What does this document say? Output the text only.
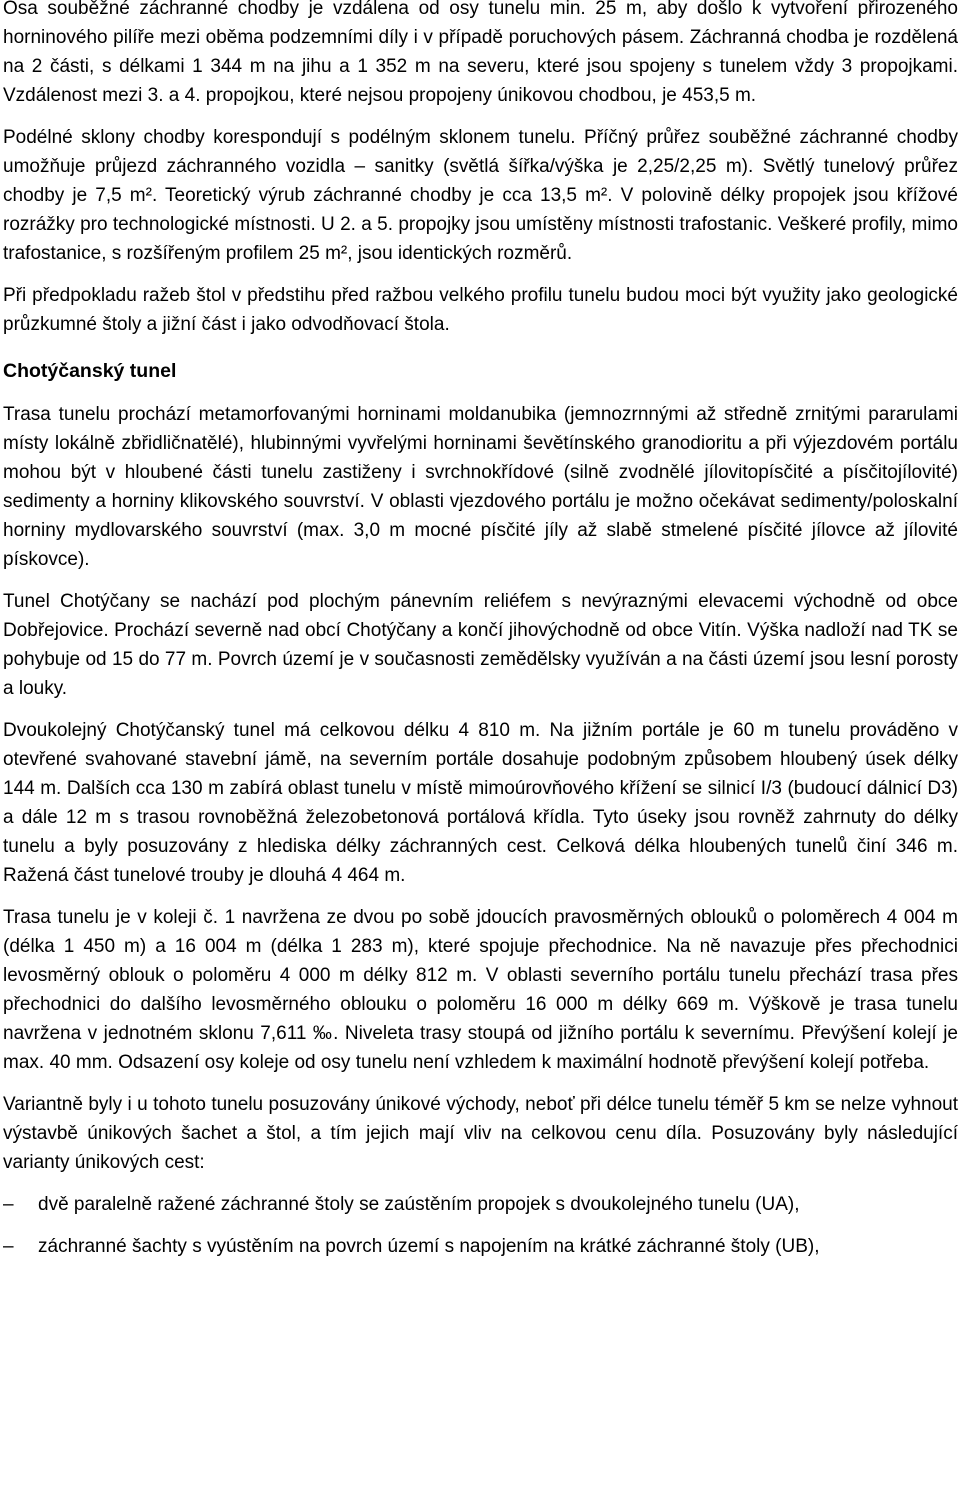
Osa souběžné záchranné chodby je vzdálena od osy tunelu min. 25 m, aby došlo k vytvoření přirozeného horninového pilíře mezi oběma podzemními díly i v případě poruchových pásem. Záchranná chodba je rozdělená na 2 části, s délkami 1 344 m na jihu a 1 352 m na severu, které jsou spojeny s tunelem vždy 3 propojkami. Vzdálenost mezi 3. a 4. propojkou, které nejsou propojeny únikovou chodbou, je 453,5 m.

Podélné sklony chodby korespondují s podélným sklonem tunelu. Příčný průřez souběžné záchranné chodby umožňuje průjezd záchranného vozidla – sanitky (světlá šířka/výška je 2,25/2,25 m). Světlý tunelový průřez chodby je 7,5 m². Teoretický výrub záchranné chodby je cca 13,5 m². V polovině délky propojek jsou křížové rozrážky pro technologické místnosti. U 2. a 5. propojky jsou umístěny místnosti trafostanic. Veškeré profily, mimo trafostanice, s rozšířeným profilem 25 m², jsou identických rozměrů.

Při předpokladu ražeb štol v předstihu před ražbou velkého profilu tunelu budou moci být využity jako geologické průzkumné štoly a jižní část i jako odvodňovací štola.

Chotýčanský tunel

Trasa tunelu prochází metamorfovanými horninami moldanubika (jemnozrnnými až středně zrnitými pararulami místy lokálně zbřidličnatělé), hlubinnými vyvřelými horninami ševětínského granodioritu a při výjezdovém portálu mohou být v hloubené části tunelu zastiženy i svrchnokřídové (silně zvodnělé jílovitopísčité a písčitojílovité) sedimenty a horniny klikovského souvrství. V oblasti vjezdového portálu je možno očekávat sedimenty/poloskalní horniny mydlovarského souvrství (max. 3,0 m mocné písčité jíly až slabě stmelené písčité jílovce až jílovité pískovce).

Tunel Chotýčany se nachází pod plochým pánevním reliéfem s nevýraznými elevacemi východně od obce Dobřejovice. Prochází severně nad obcí Chotýčany a končí jihovýchodně od obce Vitín. Výška nadloží nad TK se pohybuje od 15 do 77 m. Povrch území je v současnosti zemědělsky využíván a na části území jsou lesní porosty a louky.

Dvoukolejný Chotýčanský tunel má celkovou délku 4 810 m. Na jižním portále je 60 m tunelu prováděno v otevřené svahované stavební jámě, na severním portále dosahuje podobným způsobem hloubený úsek délky 144 m. Dalších cca 130 m zabírá oblast tunelu v místě mimoúrovňového křížení se silnicí I/3 (budoucí dálnicí D3) a dále 12 m s trasou rovnoběžná železobetonová portálová křídla. Tyto úseky jsou rovněž zahrnuty do délky tunelu a byly posuzovány z hlediska délky záchranných cest. Celková délka hloubených tunelů činí 346 m. Ražená část tunelové trouby je dlouhá 4 464 m.

Trasa tunelu je v koleji č. 1 navržena ze dvou po sobě jdoucích pravosměrných oblouků o poloměrech 4 004 m (délka 1 450 m) a 16 004 m (délka 1 283 m), které spojuje přechodnice. Na ně navazuje přes přechodnici levosměrný oblouk o poloměru 4 000 m délky 812 m. V oblasti severního portálu tunelu přechází trasa přes přechodnici do dalšího levosměrného oblouku o poloměru 16 000 m délky 669 m. Výškově je trasa tunelu navržena v jednotném sklonu 7,611 ‰. Niveleta trasy stoupá od jižního portálu k severnímu. Převýšení kolejí je max. 40 mm. Odsazení osy koleje od osy tunelu není vzhledem k maximální hodnotě převýšení kolejí potřeba.

Variantně byly i u tohoto tunelu posuzovány únikové východy, neboť při délce tunelu téměř 5 km se nelze vyhnout výstavbě únikových šachet a štol, a tím jejich mají vliv na celkovou cenu díla. Posuzovány byly následující varianty únikových cest:

– dvě paralelně ražené záchranné štoly se zaústěním propojek s dvoukolejného tunelu (UA),
– záchranné šachty s vyústěním na povrch území s napojením na krátké záchranné štoly (UB),
